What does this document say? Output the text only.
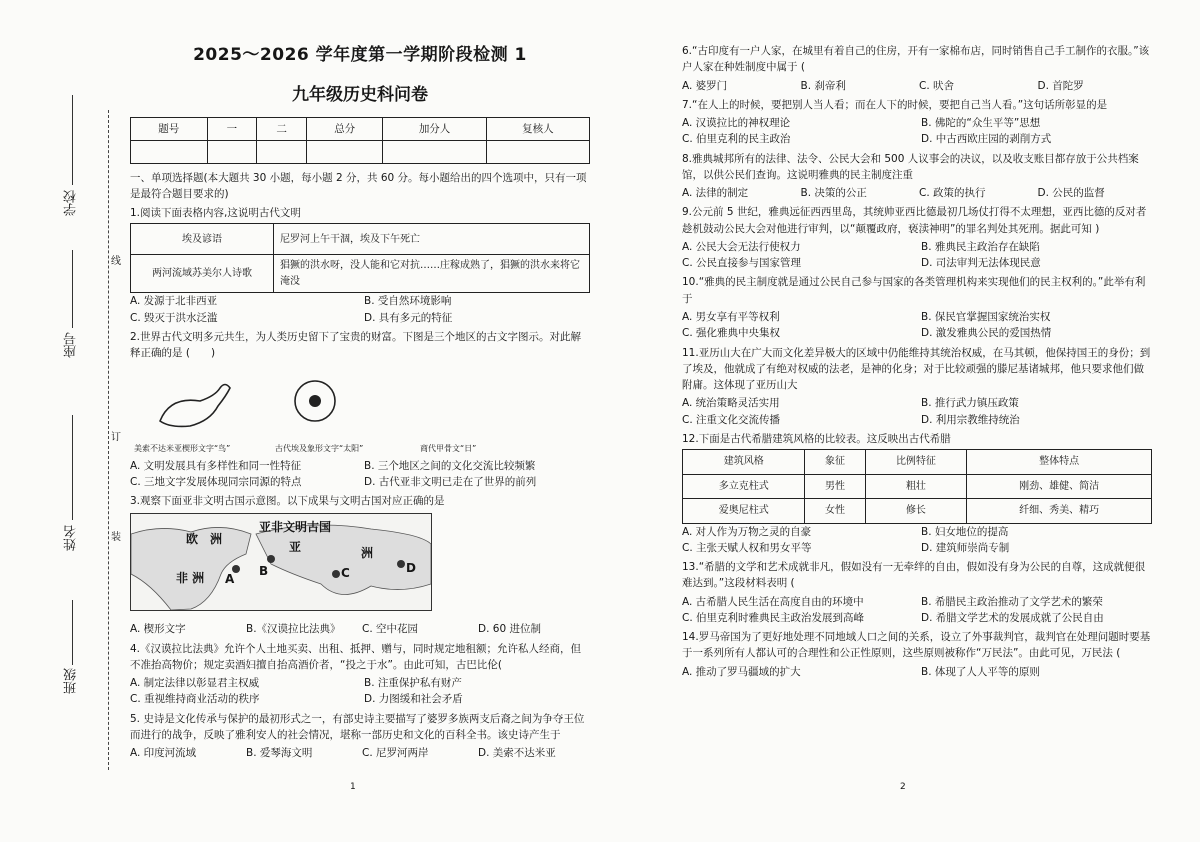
学校
座号
姓名
班级
线
订
装
2025～2026 学年度第一学期阶段检测 1
九年级历史科问卷
题号	一	二	总分	加分人	复核人

一、单项选择题(本大题共 30 小题，每小题 2 分，共 60 分。每小题给出的四个选项中，只有一项是最符合题目要求的)
1.阅读下面表格内容,这说明古代文明
埃及谚语	尼罗河上午干涸，埃及下午死亡
两河流域苏美尔人诗歌	猖獗的洪水呀，没人能和它对抗……庄稼成熟了，猖獗的洪水来将它淹没
A. 发源于北非西亚	B. 受自然环境影响
C. 毁灭于洪水泛滥	D. 具有多元的特征
2.世界古代文明多元共生，为人类历史留下了宝贵的财富。下图是三个地区的古文字图示。对此解释正确的是 (　　)
美索不达米亚楔形文字“鸟”	古代埃及象形文字“太阳”	商代甲骨文“日”
A. 文明发展具有多样性和同一性特征	B. 三个地区之间的文化交流比较频繁
C. 三地文字发展体现同宗同源的特点	D. 古代亚非文明已走在了世界的前列
3.观察下面亚非文明古国示意图。以下成果与文明古国对应正确的是
亚非文明古国
欧　洲
亚	洲
非 洲 A
B	C	D
A. 楔形文字	B.《汉谟拉比法典》	C. 空中花园	D. 60 进位制
4.《汉谟拉比法典》允许个人土地买卖、出租、抵押、赠与，同时规定地租额；允许私人经商，但不准抬高物价；规定卖酒妇擅自抬高酒价者，“投之于水”。由此可知，古巴比伦(
A. 制定法律以彰显君主权威	B. 注重保护私有财产
C. 重视维持商业活动的秩序	D. 力图缓和社会矛盾
5. 史诗是文化传承与保护的最初形式之一，有部史诗主要描写了婆罗多族两支后裔之间为争夺王位而进行的战争，反映了雅利安人的社会情况，堪称一部历史和文化的百科全书。该史诗产生于
A. 印度河流域	B. 爱琴海文明	C. 尼罗河两岸	D. 美索不达米亚
1
6.“古印度有一户人家，在城里有着自己的住房，开有一家棉布店，同时销售自己手工制作的衣服。”该户人家在种姓制度中属于 (
A. 婆罗门	B. 刹帝利	C. 吠舍	D. 首陀罗
7.“在人上的时候，要把别人当人看；而在人下的时候，要把自己当人看。”这句话所彰显的是
A. 汉谟拉比的神权理论	B. 佛陀的“众生平等”思想
C. 伯里克利的民主政治	D. 中古西欧庄园的剥削方式
8.雅典城邦所有的法律、法令、公民大会和 500 人议事会的决议，以及收支账目都存放于公共档案馆，以供公民们查询。这说明雅典的民主制度注重
A. 法律的制定	B. 决策的公正	C. 政策的执行	D. 公民的监督
9.公元前 5 世纪，雅典远征西西里岛，其统帅亚西比德最初几场仗打得不太理想，亚西比德的反对者趁机鼓动公民大会对他进行审判，以“颠覆政府，亵渎神明”的罪名判处其死刑。据此可知 )
A. 公民大会无法行使权力	B. 雅典民主政治存在缺陷
C. 公民直接参与国家管理	D. 司法审判无法体现民意
10.“雅典的民主制度就是通过公民自己参与国家的各类管理机构来实现他们的民主权利的。”此举有利于
A. 男女享有平等权利	B. 保民官掌握国家统治实权
C. 强化雅典中央集权	D. 激发雅典公民的爱国热情
11.亚历山大在广大而文化差异极大的区域中仍能维持其统治权威，在马其顿，他保持国王的身份；到了埃及，他就成了有绝对权威的法老，是神的化身；对于比较顽强的滕尼基诸城邦，他只要求他们做附庸。这体现了亚历山大
A. 统治策略灵活实用	B. 推行武力镇压政策
C. 注重文化交流传播	D. 利用宗教维持统治
12.下面是古代希腊建筑风格的比较表。这反映出古代希腊
建筑风格	象征	比例特征	整体特点
多立克柱式	男性	粗壮	刚劲、雄健、简洁
爱奥尼柱式	女性	修长	纤细、秀美、精巧
A. 对人作为万物之灵的自豪	B. 妇女地位的提高
C. 主张天赋人权和男女平等	D. 建筑师崇尚专制
13.“希腊的文学和艺术成就非凡，假如没有一无牵绊的自由，假如没有身为公民的自尊，这成就便很难达到。”这段材料表明 (
A. 古希腊人民生活在高度自由的环境中	B. 希腊民主政治推动了文学艺术的繁荣
C. 伯里克利时雅典民主政治发展到高峰	D. 希腊文学艺术的发展成就了公民自由
14.罗马帝国为了更好地处理不同地域人口之间的关系，设立了外事裁判官，裁判官在处理问题时要基于一系列所有人都认可的合理性和公正性原则，这些原则被称作“万民法”。由此可见，万民法 (
A. 推动了罗马疆域的扩大	B. 体现了人人平等的原则
2
